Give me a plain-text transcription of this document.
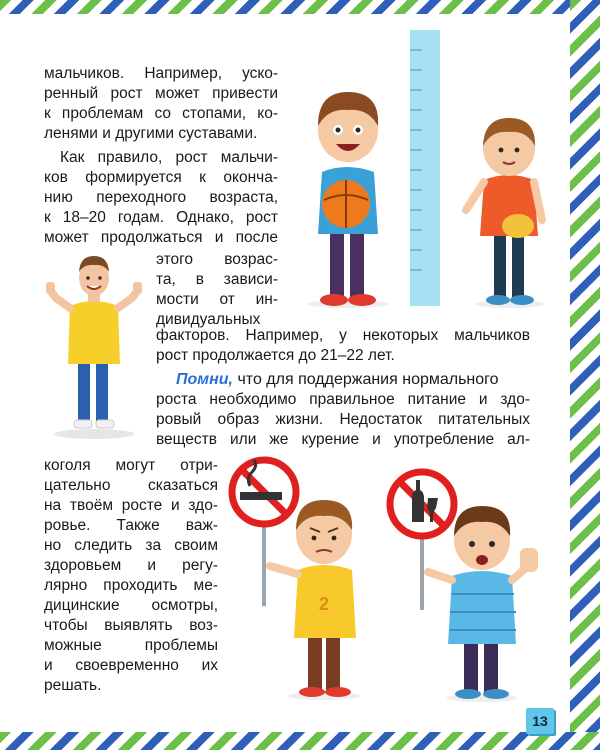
мальчиков. Например, ускo-
ренный рост может привести
к проблемам со стопами, ко-
ленями и другими суставами.
Как правило, рост мальчи-
ков формируется к оконча-
нию переходного возраста,
к 18–20 годам. Однако, рост
может продолжаться и после
этого возрас-
та, в зависи-
мости от ин-
дивидуальных
факторов. Например, у некоторых мальчиков
рост продолжается до 21–22 лет.
Помни, что для поддержания нормального
роста необходимо правильное питание и здо-
ровый образ жизни. Недостаток питательных
веществ или же курение и употребление ал-
коголя могут отри-
цательно сказаться
на твоём росте и здо-
ровье. Также важ-
но следить за своим
здоровьем и регу-
лярно проходить ме-
дицинские осмотры,
чтобы выявлять воз-
можные проблемы
и своевременно их
решать.
2
13
